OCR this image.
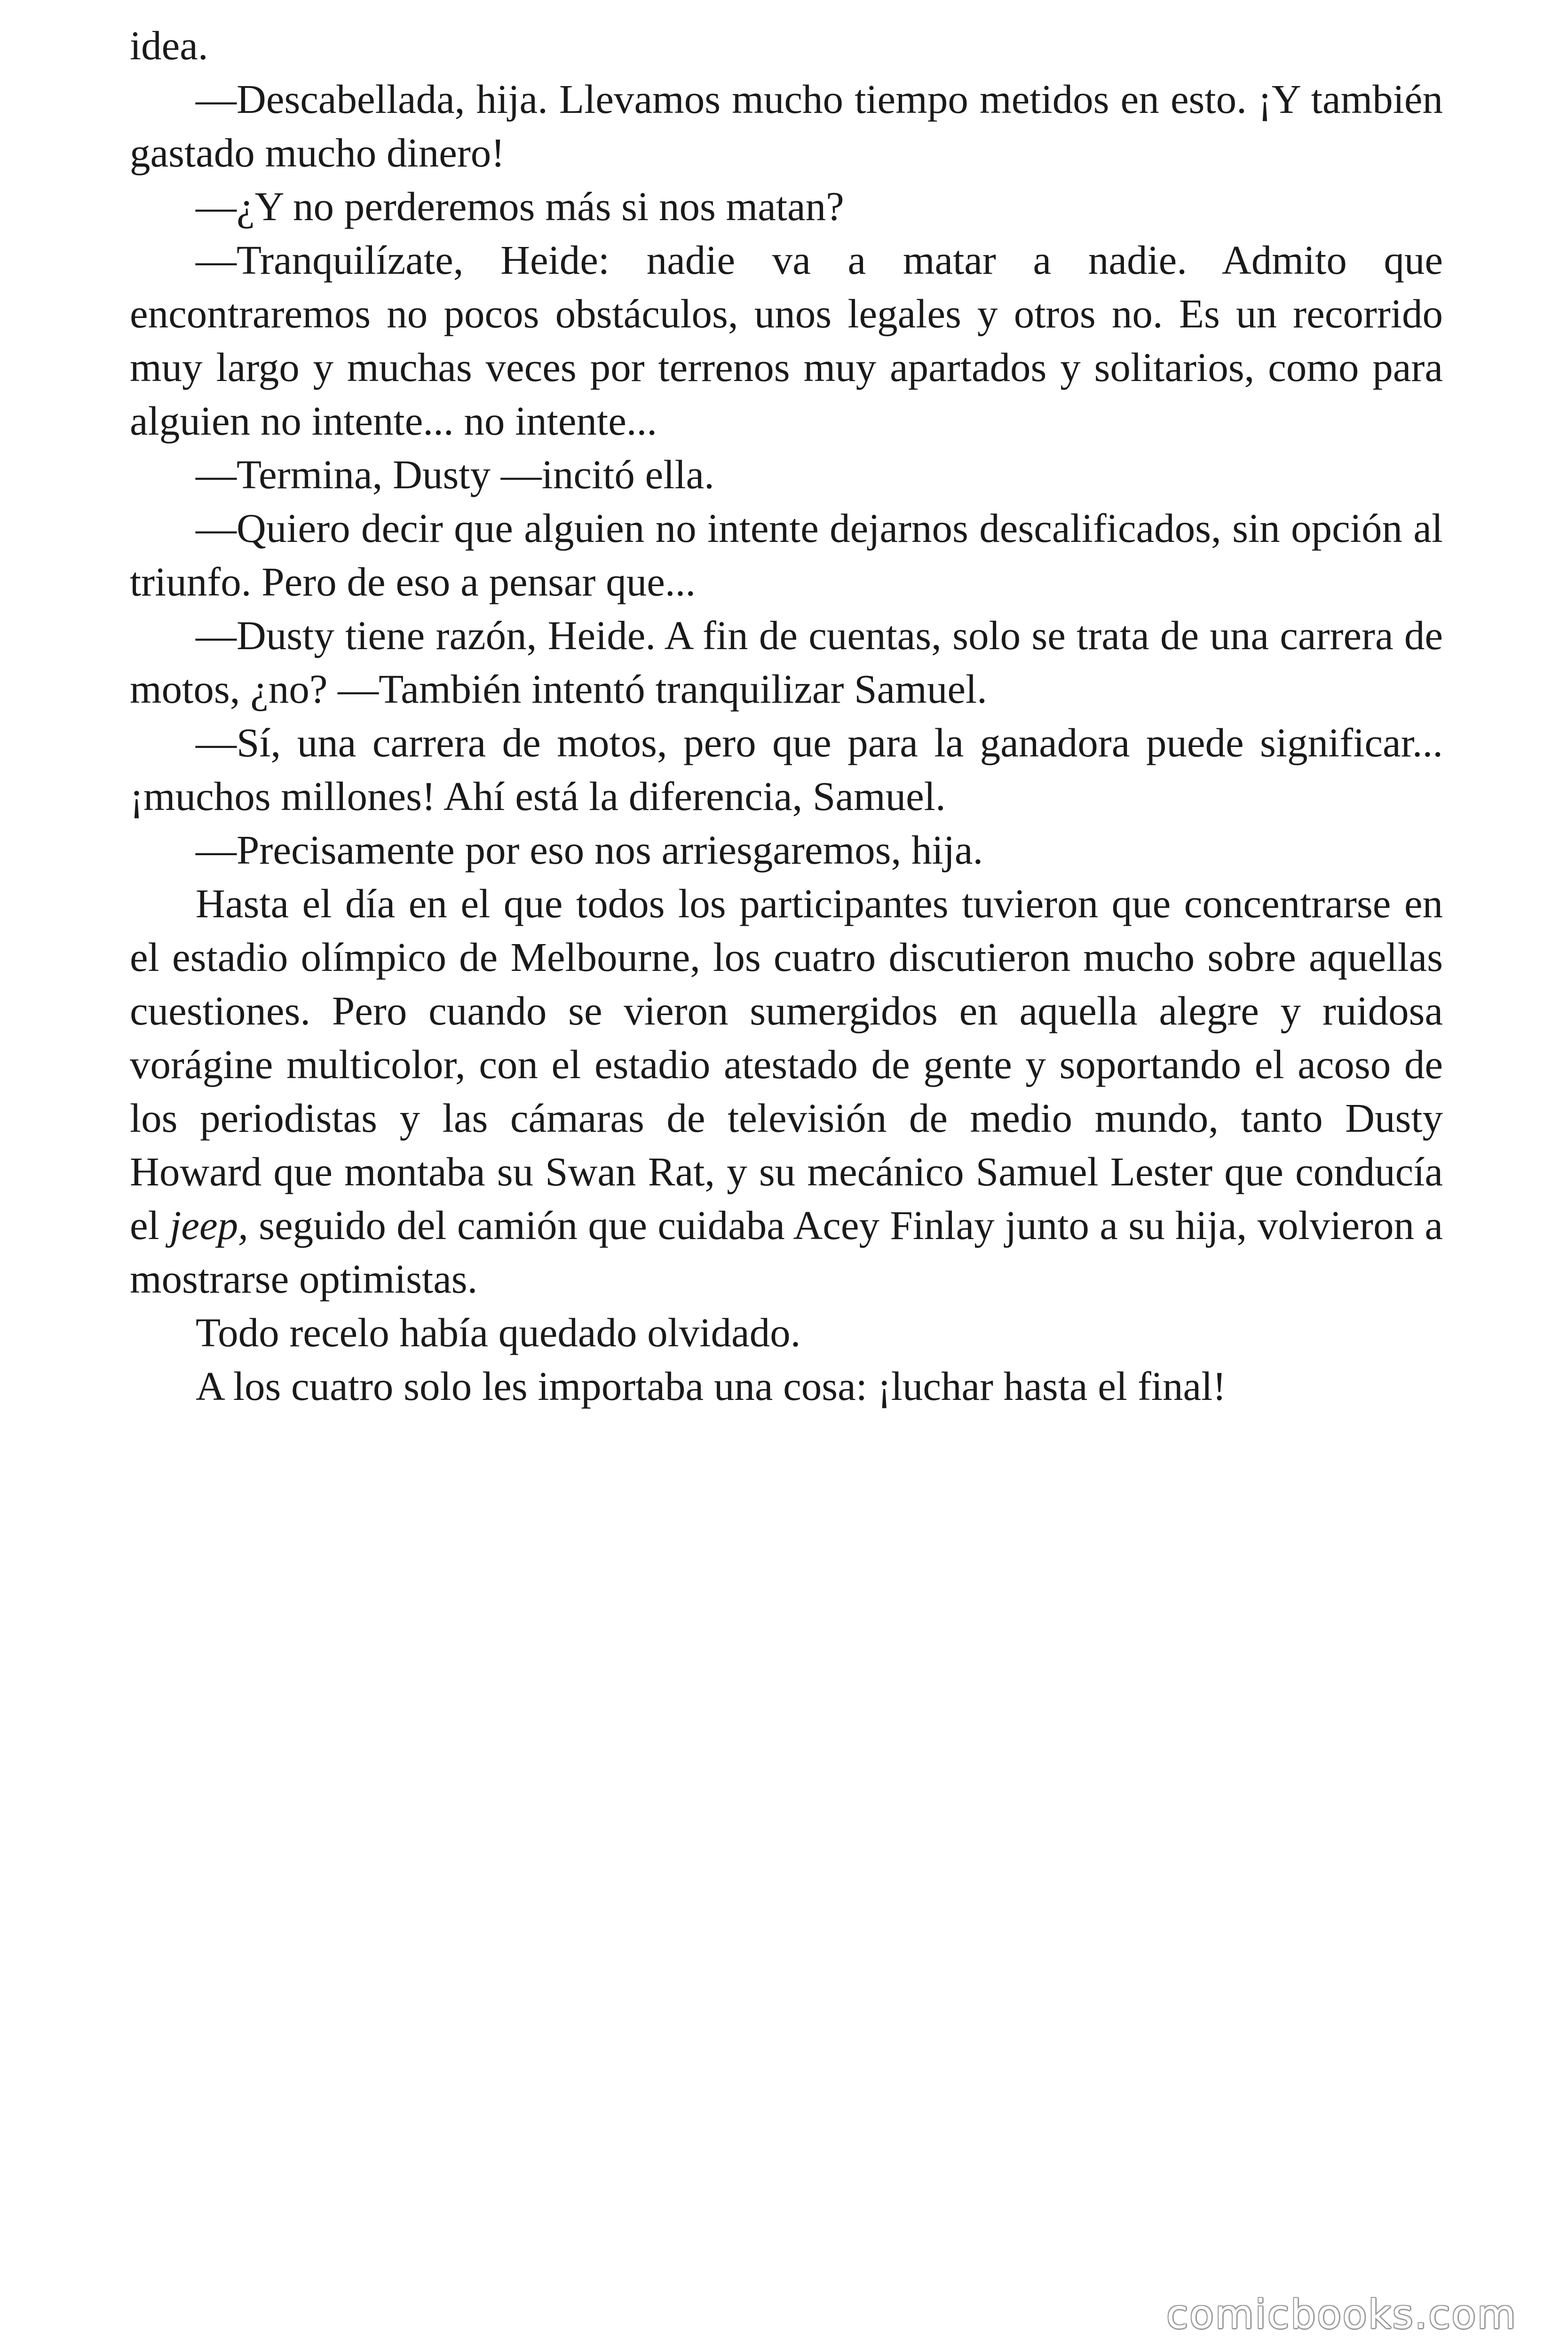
idea.

—Descabellada, hija. Llevamos mucho tiempo metidos en esto. ¡Y también gastado mucho dinero!

—¿Y no perderemos más si nos matan?

—Tranquilízate, Heide: nadie va a matar a nadie. Admito que encontraremos no pocos obstáculos, unos legales y otros no. Es un recorrido muy largo y muchas veces por terrenos muy apartados y solitarios, como para alguien no intente... no intente...

—Termina, Dusty —incitó ella.

—Quiero decir que alguien no intente dejarnos descalificados, sin opción al triunfo. Pero de eso a pensar que...

—Dusty tiene razón, Heide. A fin de cuentas, solo se trata de una carrera de motos, ¿no? —También intentó tranquilizar Samuel.

—Sí, una carrera de motos, pero que para la ganadora puede significar... ¡muchos millones! Ahí está la diferencia, Samuel.

—Precisamente por eso nos arriesgaremos, hija.

Hasta el día en el que todos los participantes tuvieron que concentrarse en el estadio olímpico de Melbourne, los cuatro discutieron mucho sobre aquellas cuestiones. Pero cuando se vieron sumergidos en aquella alegre y ruidosa vorágine multicolor, con el estadio atestado de gente y soportando el acoso de los periodistas y las cámaras de televisión de medio mundo, tanto Dusty Howard que montaba su Swan Rat, y su mecánico Samuel Lester que conducía el jeep, seguido del camión que cuidaba Acey Finlay junto a su hija, volvieron a mostrarse optimistas.

Todo recelo había quedado olvidado.

A los cuatro solo les importaba una cosa: ¡luchar hasta el final!

comicbooks.com
